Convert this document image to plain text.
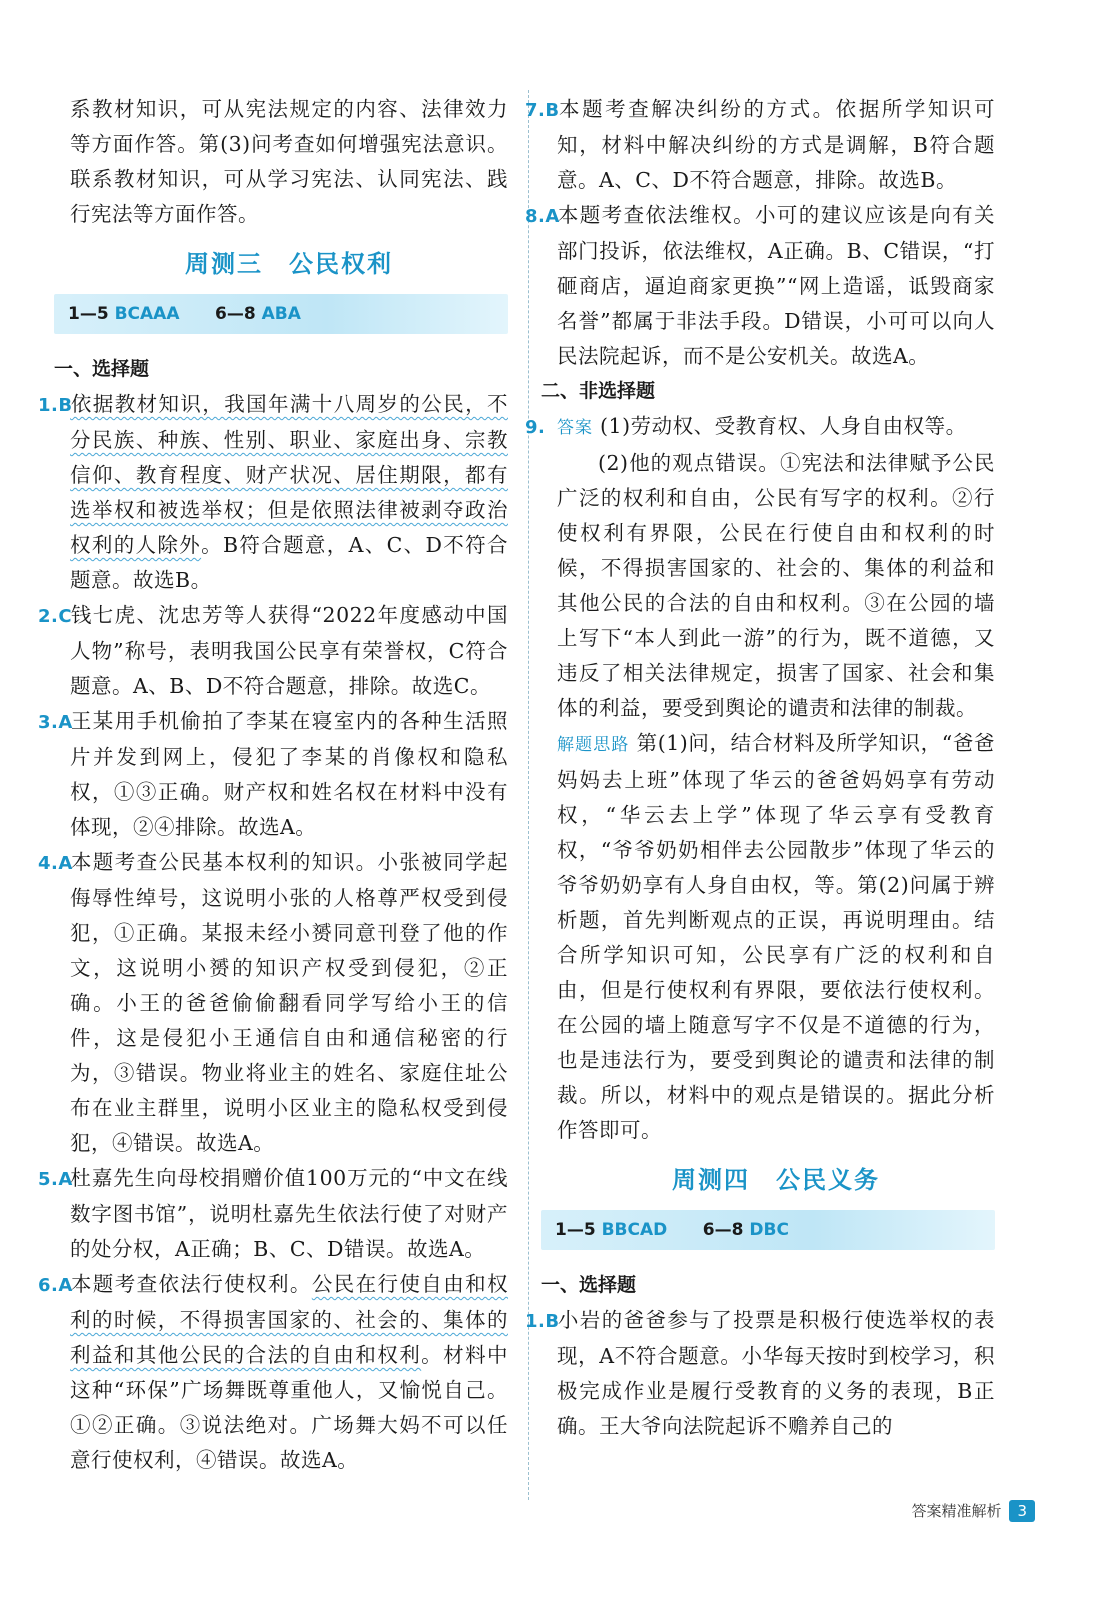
系教材知识，可从宪法规定的内容、法律效力等方面作答。第(3)问考查如何增强宪法意识。联系教材知识，可从学习宪法、认同宪法、践行宪法等方面作答。

周测三 公民权利
1—5 BCAAA 6—8 ABA

一、选择题

1.B依据教材知识，我国年满十八周岁的公民，不分民族、种族、性别、职业、家庭出身、宗教信仰、教育程度、财产状况、居住期限，都有选举权和被选举权；但是依照法律被剥夺政治权利的人除外。B符合题意，A、C、D不符合题意。故选B。

2.C钱七虎、沈忠芳等人获得“2022年度感动中国人物”称号，表明我国公民享有荣誉权，C符合题意。A、B、D不符合题意，排除。故选C。

3.A王某用手机偷拍了李某在寝室内的各种生活照片并发到网上，侵犯了李某的肖像权和隐私权，①③正确。财产权和姓名权在材料中没有体现，②④排除。故选A。

4.A本题考查公民基本权利的知识。小张被同学起侮辱性绰号，这说明小张的人格尊严权受到侵犯，①正确。某报未经小赟同意刊登了他的作文，这说明小赟的知识产权受到侵犯，②正确。小王的爸爸偷偷翻看同学写给小王的信件，这是侵犯小王通信自由和通信秘密的行为，③错误。物业将业主的姓名、家庭住址公布在业主群里，说明小区业主的隐私权受到侵犯，④错误。故选A。

5.A杜嘉先生向母校捐赠价值100万元的“中文在线数字图书馆”，说明杜嘉先生依法行使了对财产的处分权，A正确；B、C、D错误。故选A。

6.A本题考查依法行使权利。公民在行使自由和权利的时候，不得损害国家的、社会的、集体的利益和其他公民的合法的自由和权利。材料中这种“环保”广场舞既尊重他人，又愉悦自己。①②正确。③说法绝对。广场舞大妈不可以任意行使权利，④错误。故选A。

7.B本题考查解决纠纷的方式。依据所学知识可知，材料中解决纠纷的方式是调解，B符合题意。A、C、D不符合题意，排除。故选B。

8.A本题考查依法维权。小可的建议应该是向有关部门投诉，依法维权，A正确。B、C错误，“打砸商店，逼迫商家更换”“网上造谣，诋毁商家名誉”都属于非法手段。D错误，小可可以向人民法院起诉，而不是公安机关。故选A。

二、非选择题

9. 答案 (1)劳动权、受教育权、人身自由权等。

(2)他的观点错误。①宪法和法律赋予公民广泛的权利和自由，公民有写字的权利。②行使权利有界限，公民在行使自由和权利的时候，不得损害国家的、社会的、集体的利益和其他公民的合法的自由和权利。③在公园的墙上写下“本人到此一游”的行为，既不道德，又违反了相关法律规定，损害了国家、社会和集体的利益，要受到舆论的谴责和法律的制裁。

解题思路 第(1)问，结合材料及所学知识，“爸爸妈妈去上班”体现了华云的爸爸妈妈享有劳动权，“华云去上学”体现了华云享有受教育权，“爷爷奶奶相伴去公园散步”体现了华云的爷爷奶奶享有人身自由权，等。第(2)问属于辨析题，首先判断观点的正误，再说明理由。结合所学知识可知，公民享有广泛的权利和自由，但是行使权利有界限，要依法行使权利。在公园的墙上随意写字不仅是不道德的行为，也是违法行为，要受到舆论的谴责和法律的制裁。所以，材料中的观点是错误的。据此分析作答即可。

周测四 公民义务
1—5 BBCAD 6—8 DBC

一、选择题

1.B小岩的爸爸参与了投票是积极行使选举权的表现，A不符合题意。小华每天按时到校学习，积极完成作业是履行受教育的义务的表现，B正确。王大爷向法院起诉不赡养自己的

答案精准解析 3
